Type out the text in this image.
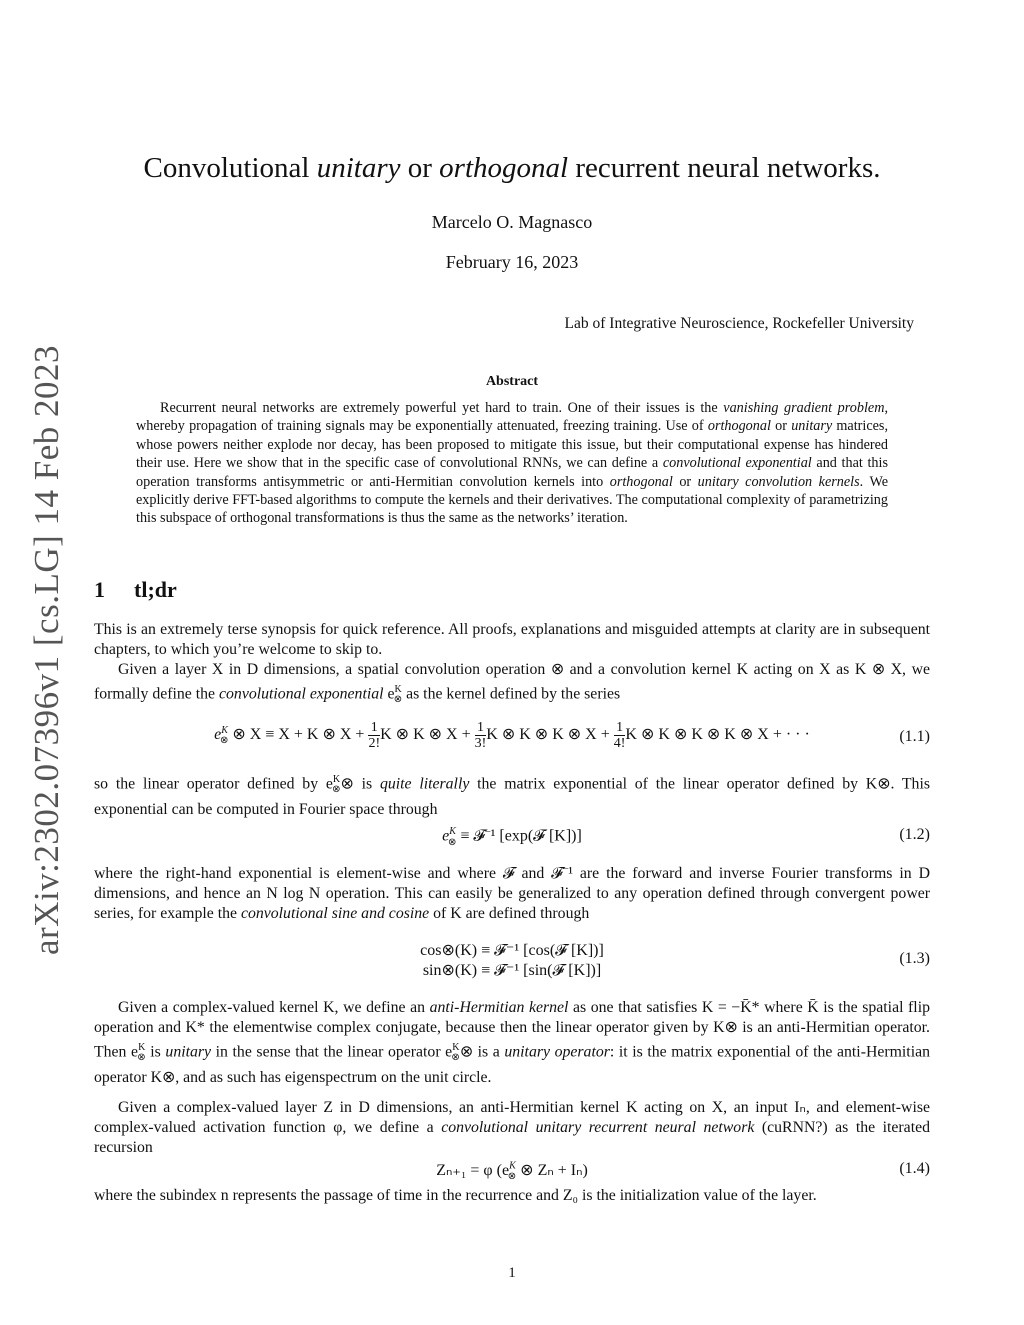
arXiv:2302.07396v1 [cs.LG] 14 Feb 2023
Convolutional unitary or orthogonal recurrent neural networks.
Marcelo O. Magnasco
February 16, 2023
Lab of Integrative Neuroscience, Rockefeller University
Abstract
Recurrent neural networks are extremely powerful yet hard to train. One of their issues is the vanishing gradient problem, whereby propagation of training signals may be exponentially attenuated, freezing training. Use of orthogonal or unitary matrices, whose powers neither explode nor decay, has been proposed to mitigate this issue, but their computational expense has hindered their use. Here we show that in the specific case of convolutional RNNs, we can define a convolutional exponential and that this operation transforms antisymmetric or anti-Hermitian convolution kernels into orthogonal or unitary convolution kernels. We explicitly derive FFT-based algorithms to compute the kernels and their derivatives. The computational complexity of parametrizing this subspace of orthogonal transformations is thus the same as the networks’ iteration.
1 tl;dr
This is an extremely terse synopsis for quick reference. All proofs, explanations and misguided attempts at clarity are in subsequent chapters, to which you’re welcome to skip to.
Given a layer X in D dimensions, a spatial convolution operation ⊗ and a convolution kernel K acting on X as K ⊗ X, we formally define the convolutional exponential $e^K_\otimes$ as the kernel defined by the series
$e^K_\otimes$ ⊗ X ≡ X + K ⊗ $X + \frac{1}{2!}$ K ⊗ K ⊗ $X + \frac{1}{3!}$ K ⊗ K ⊗ K ⊗ $X + \frac{1}{4!}$ K ⊗ K ⊗ K ⊗ K ⊗ X + · · ·	(1.1)
so the linear operator defined by $e^K_\otimes\otimes$ is quite literally the matrix exponential of the linear operator defined by K⊗. This exponential can be computed in Fourier space through
$e^K_\otimes$ ≡ 𝓕⁻¹ [exp(𝓕 [K])]	(1.2)
where the right-hand exponential is element-wise and where 𝓕 and 𝓕⁻¹ are the forward and inverse Fourier transforms in D dimensions, and hence an N log N operation. This can easily be generalized to any operation defined through convergent power series, for example the convolutional sine and cosine of K are defined through
cos⊗(K) ≡ 𝓕⁻¹ [cos(𝓕 [K])]
sin⊗(K) ≡ 𝓕⁻¹ [sin(𝓕 [K])]
(1.3)
Given a complex-valued kernel K, we define an anti-Hermitian kernel as one that satisfies K = −K̄* where K̄ is the spatial flip operation and K* the elementwise complex conjugate, because then the linear operator given by K⊗ is an anti-Hermitian operator. Then $e^K_\otimes$ is unitary in the sense that the linear operator $e^K_\otimes\otimes$ is a unitary operator: it is the matrix exponential of the anti-Hermitian operator K⊗, and as such has eigenspectrum on the unit circle.
Given a complex-valued layer Z in D dimensions, an anti-Hermitian kernel K acting on X, an input Iₙ, and element-wise complex-valued activation function φ, we define a convolutional unitary recurrent neural network (cuRNN?) as the iterated recursion
Zₙ₊₁ = φ ($e^K_\otimes$ ⊗ Zₙ + Iₙ)	(1.4)
where the subindex n represents the passage of time in the recurrence and Z₀ is the initialization value of the layer.
1
